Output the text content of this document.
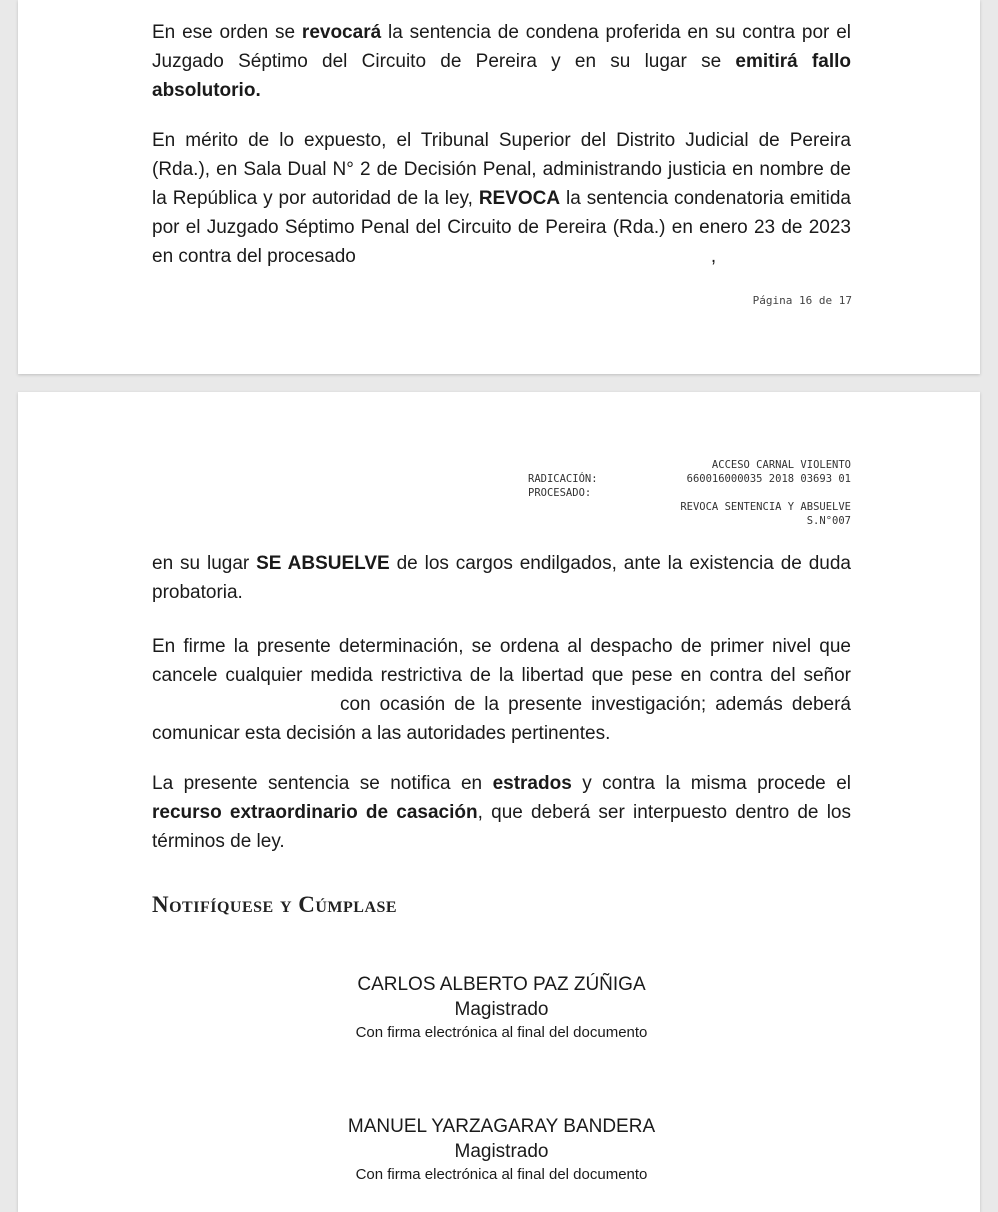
En ese orden se revocará la sentencia de condena proferida en su contra por el Juzgado Séptimo del Circuito de Pereira y en su lugar se emitirá fallo absolutorio.

En mérito de lo expuesto, el Tribunal Superior del Distrito Judicial de Pereira (Rda.), en Sala Dual N° 2 de Decisión Penal, administrando justicia en nombre de la República y por autoridad de la ley, REVOCA la sentencia condenatoria emitida por el Juzgado Séptimo Penal del Circuito de Pereira (Rda.) en enero 23 de 2023 en contra del procesado	,

Página 16 de 17

ACCESO CARNAL VIOLENTO
RADICACIÓN:	660016000035 2018 03693 01
PROCESADO:
REVOCA SENTENCIA Y ABSUELVE
S.N°007

en su lugar SE ABSUELVE de los cargos endilgados, ante la existencia de duda probatoria.

En firme la presente determinación, se ordena al despacho de primer nivel que cancele cualquier medida restrictiva de la libertad que pese en contra del señor con ocasión de la presente investigación; además deberá comunicar esta decisión a las autoridades pertinentes.

La presente sentencia se notifica en estrados y contra la misma procede el recurso extraordinario de casación, que deberá ser interpuesto dentro de los términos de ley.

Notifíquese y Cúmplase

CARLOS ALBERTO PAZ ZÚÑIGA
Magistrado
Con firma electrónica al final del documento
MANUEL YARZAGARAY BANDERA
Magistrado
Con firma electrónica al final del documento
